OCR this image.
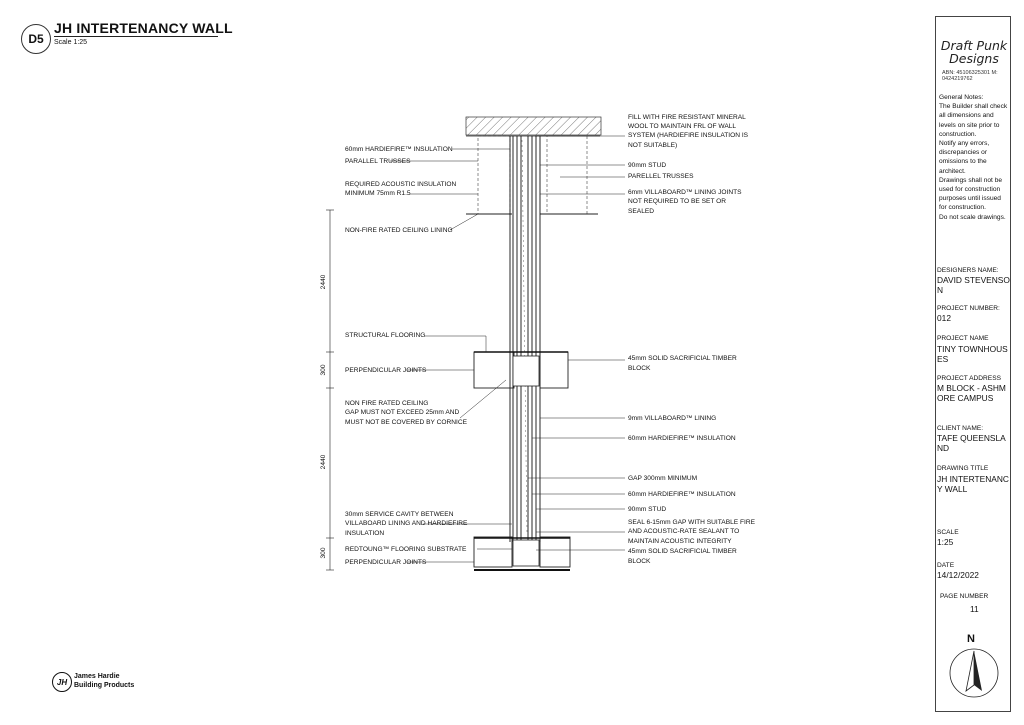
D5
JH INTERTENANCY WALL
Scale 1:25
2440
300
2440
300
60mm HARDIEFIRE™ INSULATION
PARALLEL TRUSSES
REQUIRED ACOUSTIC INSULATION
MINIMUM 75mm R1.5
NON-FIRE RATED CEILING LINING
STRUCTURAL FLOORING
PERPENDICULAR JOINTS
NON FIRE RATED CEILING
GAP MUST NOT EXCEED 25mm AND
MUST NOT BE COVERED BY CORNICE
30mm SERVICE CAVITY BETWEEN
VILLABOARD LINING AND HARDIEFIRE
INSULATION
REDTOUNG™ FLOORING SUBSTRATE
PERPENDICULAR JOINTS
FILL WITH FIRE RESISTANT MINERAL
WOOL TO MAINTAIN FRL OF WALL
SYSTEM (HARDIEFIRE INSULATION IS
NOT SUITABLE)
90mm STUD
PARELLEL TRUSSES
6mm VILLABOARD™ LINING JOINTS
NOT REQUIRED TO BE SET OR
SEALED
45mm SOLID SACRIFICIAL TIMBER
BLOCK
9mm VILLABOARD™ LINING
60mm HARDIEFIRE™ INSULATION
GAP 300mm MINIMUM
60mm HARDIEFIRE™ INSULATION
90mm STUD
SEAL 6-15mm GAP WITH SUITABLE FIRE
AND ACOUSTIC-RATE SEALANT TO
MAINTAIN ACOUSTIC INTEGRITY
45mm SOLID SACRIFICIAL TIMBER
BLOCK
Draft Punk
Designs
ABN: 45106325301 M: 0424219762
General Notes:
The Builder shall check
all dimensions and
levels on site prior to
construction.
Notify any errors,
discrepancies or
omissions to the
architect.
Drawings shall not be
used for construction
purposes until issued
for construction.
Do not scale drawings.
DESIGNERS NAME:
DAVID STEVENSON
PROJECT NUMBER:
012
PROJECT NAME
TINY TOWNHOUSES
PROJECT ADDRESS
M BLOCK - ASHMORE CAMPUS
CLIENT NAME:
TAFE QUEENSLAND
DRAWING TITLE
JH INTERTENANCY WALL
SCALE
1:25
DATE
14/12/2022
PAGE NUMBER
11
N
JH
James Hardie
Building Products
